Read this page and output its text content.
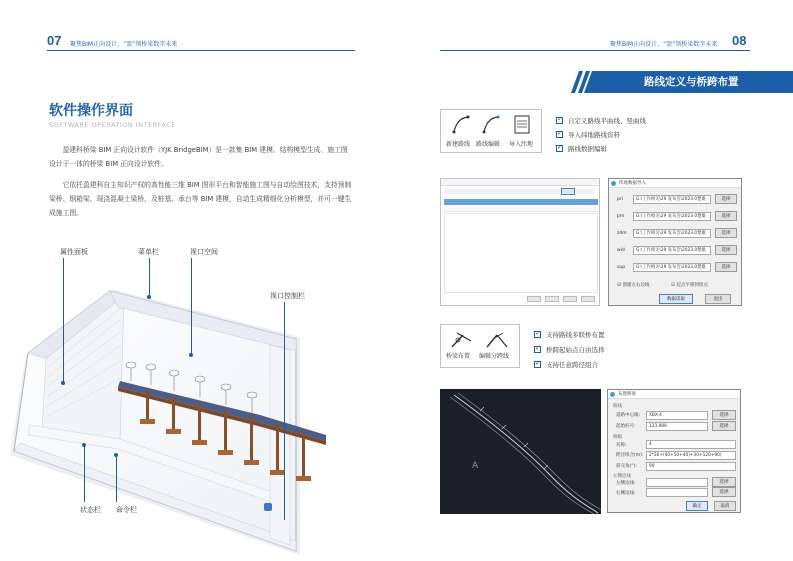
07 聚焦BIM正向设计，“盈”领桥梁数字未来
软件操作界面
SOFTWARE OPERATION INTERFACE
盈建科桥梁 BIM 正向设计软件（YJK BridgeBIM）是一款集 BIM 建模、结构模型生成、施工图设计于一体的桥梁 BIM 正向设计软件。
它依托盈建科自主知识产权的高性能三维 BIM 图形平台和智能施工图与自动绘图技术，支持预制梁桥、钢箱梁、现浇混凝土梁桥，及桩基、承台等 BIM 建模，自动生成精细化分析模型，并可一键生成施工图。
属性面板	菜单栏	视口空间
视口控制栏
状态栏 命令栏
聚焦BIM正向设计，“盈”领桥梁数字未来 08
路线定义与桥跨布置
新建路线 路线编辑	导入纬地
✓自定义路线平曲线、竖曲线
✓导入纬地路线资料
✓路线数据编辑
纬地数据导入
pri	G:\工作相关\29 发布会\2023.0楚雄	选择
pm	G:\工作相关\29 发布会\2023.0楚雄	选择
zdm	G:\工作相关\29 发布会\2023.0楚雄	选择
wid	G:\工作相关\29 发布会\2023.0楚雄	选择
sup	G:\工作相关\29 发布会\2023.0楚雄	选择
☑ 创建左右边线	☑ 起点平移到原点
数据读取	退出
桥梁布置	编辑分跨线
✓支持路线多联桥布置
✓桥跨起始点自由选择
✓支持任意跨径组合
A
布置桥梁
路线
道路中心线:	XBX-4	选择
起始桩号:	123.989	选择
桥幅
名称:	4
跨径组合(m):	2*30+(40+50+40)+30+120+90)
斜交角(°):	90
左侧边线
左侧边线:	选择
右侧边线:	选择
确定	取消
